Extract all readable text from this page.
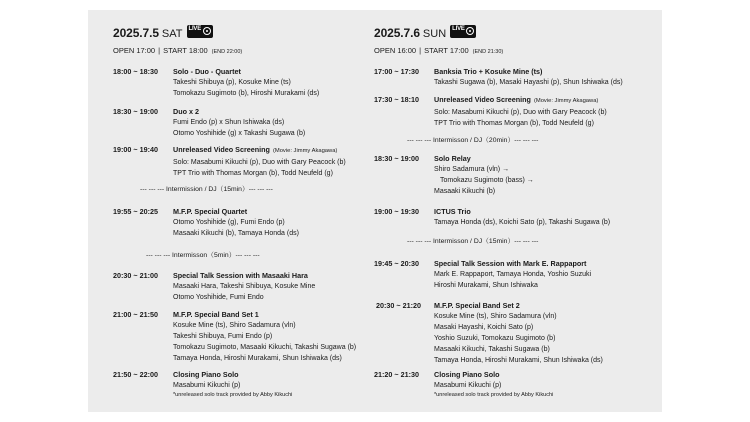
2025.7.5 SAT LIVE
OPEN 17:00 | START 18:00 (END 22:00)
18:00 ~ 18:30 Solo - Duo - Quartet
Takeshi Shibuya (p), Kosuke Mine (ts)
Tomokazu Sugimoto (b), Hiroshi Murakami (ds)
18:30 ~ 19:00 Duo x 2
Fumi Endo (p) x Shun Ishiwaka (ds)
Otomo Yoshihide (g) x Takashi Sugawa (b)
19:00 ~ 19:40 Unreleased Video Screening (Movie: Jimmy Akagawa)
Solo: Masabumi Kikuchi (p), Duo with Gary Peacock (b)
TPT Trio with Thomas Morgan (b), Todd Neufeld (g)
--- --- --- Intermission / DJ（15min）--- --- ---
19:55 ~ 20:25 M.F.P. Special Quartet
Otomo Yoshihide (g), Fumi Endo (p)
Masaaki Kikuchi (b), Tamaya Honda (ds)
--- --- --- Intermisson（5min）--- --- ---
20:30 ~ 21:00 Special Talk Session with Masaaki Hara
Masaaki Hara, Takeshi Shibuya, Kosuke Mine
Otomo Yoshihide, Fumi Endo
21:00 ~ 21:50 M.F.P. Special Band Set 1
Kosuke Mine (ts), Shiro Sadamura (vln)
Takeshi Shibuya, Fumi Endo (p)
Tomokazu Sugimoto, Masaaki Kikuchi, Takashi Sugawa (b)
Tamaya Honda, Hiroshi Murakami, Shun Ishiwaka (ds)
21:50 ~ 22:00 Closing Piano Solo
Masabumi Kikuchi (p)
*unreleased solo track provided by Abby Kikuchi
2025.7.6 SUN LIVE
OPEN 16:00 | START 17:00 (END 21:30)
17:00 ~ 17:30 Banksia Trio + Kosuke Mine (ts)
Takashi Sugawa (b), Masaki Hayashi (p), Shun Ishiwaka (ds)
17:30 ~ 18:10 Unreleased Video Screening (Movie: Jimmy Akagawa)
Solo: Masabumi Kikuchi (p), Duo with Gary Peacock (b)
TPT Trio with Thomas Morgan (b), Todd Neufeld (g)
--- --- --- Intermisson / DJ（20min）--- --- ---
18:30 ~ 19:00 Solo Relay
Shiro Sadamura (vln) →
Tomokazu Sugimoto (bass) →
Masaaki Kikuchi (b)
19:00 ~ 19:30 ICTUS Trio
Tamaya Honda (ds), Koichi Sato (p), Takashi Sugawa (b)
--- --- --- Intermisson / DJ（15min）--- --- ---
19:45 ~ 20:30 Special Talk Session with Mark E. Rappaport
Mark E. Rappaport, Tamaya Honda, Yoshio Suzuki
Hiroshi Murakami, Shun Ishiwaka
20:30 ~ 21:20 M.F.P. Special Band Set 2
Kosuke Mine (ts), Shiro Sadamura (vln)
Masaki Hayashi, Koichi Sato (p)
Yoshio Suzuki, Tomokazu Sugimoto (b)
Masaaki Kikuchi, Takashi Sugawa (b)
Tamaya Honda, Hiroshi Murakami, Shun Ishiwaka (ds)
21:20 ~ 21:30 Closing Piano Solo
Masabumi Kikuchi (p)
*unreleased solo track provided by Abby Kikuchi
